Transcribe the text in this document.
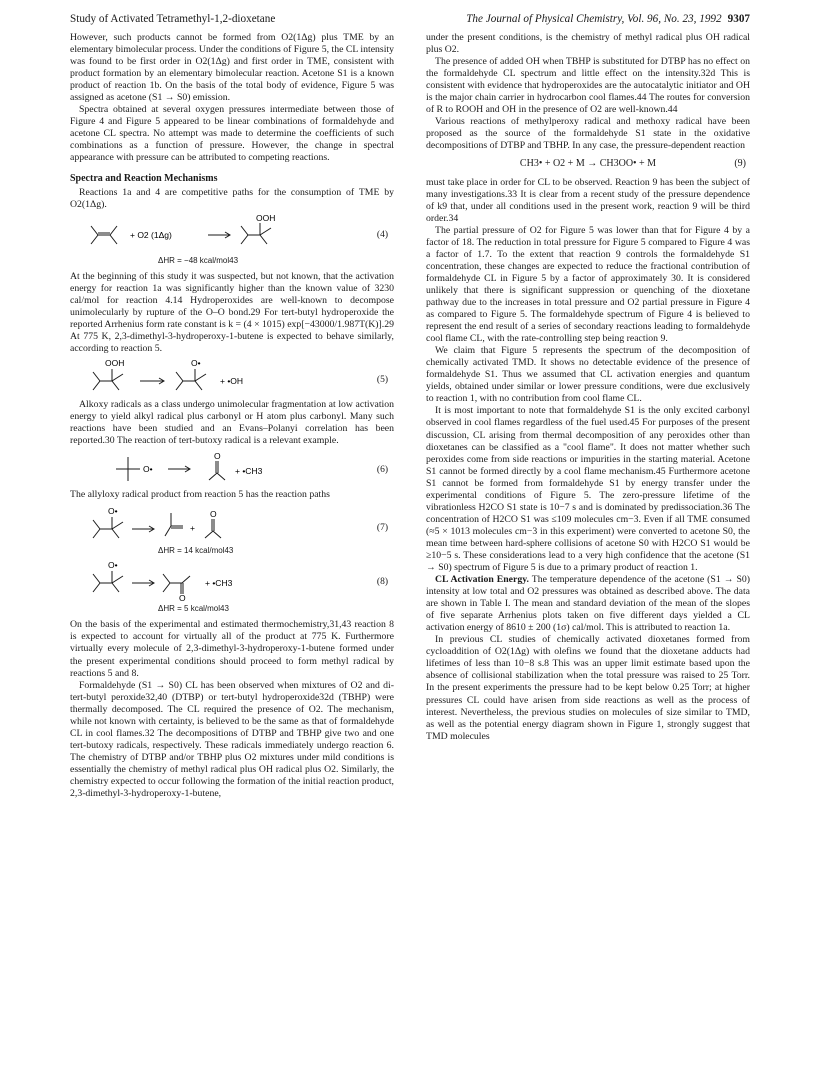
Study of Activated Tetramethyl-1,2-dioxetane	The Journal of Physical Chemistry, Vol. 96, No. 23, 1992 9307

However, such products cannot be formed from O2(1Δg) plus TME by an elementary bimolecular process. Under the conditions of Figure 5, the CL intensity was found to be first order in O2(1Δg) and first order in TME, consistent with product formation by an elementary bimolecular reaction. Acetone S1 is a known product of reaction 1b. On the basis of the total body of evidence, Figure 5 was assigned as acetone (S1 → S0) emission.

Spectra obtained at several oxygen pressures intermediate between those of Figure 4 and Figure 5 appeared to be linear combinations of formaldehyde and acetone CL spectra. No attempt was made to determine the coefficients of such combinations as a function of pressure. However, the change in spectral appearance with pressure can be attributed to competing reactions.

Spectra and Reaction Mechanisms

Reactions 1a and 4 are competitive paths for the consumption of TME by O2(1Δg).

+ O2 (1Δg)
OOH
(4)
ΔHR = −48 kcal/mol43

At the beginning of this study it was suspected, but not known, that the activation energy for reaction 1a was significantly higher than the known value of 3230 cal/mol for reaction 4.14 Hydroperoxides are well-known to decompose unimolecularly by rupture of the O–O bond.29 For tert-butyl hydroperoxide the reported Arrhenius form rate constant is k = (4 × 1015) exp[−43000/1.987T(K)].29 At 775 K, 2,3-dimethyl-3-hydroperoxy-1-butene is expected to behave similarly, according to reaction 5.

OOH	O•
+ •OH	(5)

Alkoxy radicals as a class undergo unimolecular fragmentation at low activation energy to yield alkyl radical plus carbonyl or H atom plus carbonyl. Many such reactions have been studied and an Evans–Polanyi correlation has been reported.30 The reaction of tert-butoxy radical is a relevant example.

O•
O
+ •CH3	(6)

The allyloxy radical product from reaction 5 has the reaction paths

O•
+
O
(7)
ΔHR = 14 kcal/mol43
O•
O
+ •CH3	(8)
ΔHR = 5 kcal/mol43

On the basis of the experimental and estimated thermochemistry,31,43 reaction 8 is expected to account for virtually all of the product at 775 K. Furthermore virtually every molecule of 2,3-dimethyl-3-hydroperoxy-1-butene formed under the present experimental conditions should proceed to form methyl radical by reactions 5 and 8.

Formaldehyde (S1 → S0) CL has been observed when mixtures of O2 and di-tert-butyl peroxide32,40 (DTBP) or tert-butyl hydroperoxide32d (TBHP) were thermally decomposed. The CL required the presence of O2. The mechanism, while not known with certainty, is believed to be the same as that of formaldehyde CL in cool flames.32 The decompositions of DTBP and TBHP give two and one tert-butoxy radicals, respectively. These radicals immediately undergo reaction 6. The chemistry of DTBP and/or TBHP plus O2 mixtures under mild conditions is essentially the chemistry of methyl radical plus OH radical plus O2. Similarly, the chemistry expected to occur following the formation of the initial reaction product, 2,3-dimethyl-3-hydroperoxy-1-butene,

under the present conditions, is the chemistry of methyl radical plus OH radical plus O2.

The presence of added OH when TBHP is substituted for DTBP has no effect on the formaldehyde CL spectrum and little effect on the intensity.32d This is consistent with evidence that hydroperoxides are the autocatalytic initiator and OH is the major chain carrier in hydrocarbon cool flames.44 The routes for conversion of R to ROOH and OH in the presence of O2 are well-known.44

Various reactions of methylperoxy radical and methoxy radical have been proposed as the source of the formaldehyde S1 state in the oxidative decompositions of DTBP and TBHP. In any case, the pressure-dependent reaction

CH3• + O2 + M → CH3OO• + M	(9)

must take place in order for CL to be observed. Reaction 9 has been the subject of many investigations.33 It is clear from a recent study of the pressure dependence of k9 that, under all conditions used in the present work, reaction 9 will be third order.34

The partial pressure of O2 for Figure 5 was lower than that for Figure 4 by a factor of 18. The reduction in total pressure for Figure 5 compared to Figure 4 was a factor of 1.7. To the extent that reaction 9 controls the formaldehyde S1 concentration, these changes are expected to reduce the fractional contribution of formaldehyde CL in Figure 5 by a factor of approximately 30. It is considered unlikely that there is significant suppression or quenching of the dioxetane pathway due to the increases in total pressure and O2 partial pressure in Figure 4 as compared to Figure 5. The formaldehyde spectrum of Figure 4 is believed to represent the end result of a series of secondary reactions leading to formaldehyde cool flame CL, with the rate-controlling step being reaction 9.

We claim that Figure 5 represents the spectrum of the decomposition of chemically activated TMD. It shows no detectable evidence of the presence of formaldehyde S1. Thus we assumed that CL activation energies and quantum yields, obtained under similar or lower pressure conditions, were due exclusively to reaction 1, with no contribution from cool flame CL.

It is most important to note that formaldehyde S1 is the only excited carbonyl observed in cool flames regardless of the fuel used.45 For purposes of the present discussion, CL arising from thermal decomposition of any peroxides other than dioxetanes can be classified as a "cool flame". It does not matter whether such peroxides come from side reactions or impurities in the starting material. Acetone S1 cannot be formed directly by a cool flame mechanism.45 Furthermore acetone S1 cannot be formed from formaldehyde S1 by energy transfer under the experimental conditions of Figure 5. The zero-pressure lifetime of the vibrationless H2CO S1 state is 10−7 s and is dominated by predissociation.36 The concentration of H2CO S1 was ≤109 molecules cm−3. Even if all TME consumed (≈5 × 1013 molecules cm−3 in this experiment) were converted to acetone S0, the mean time between hard-sphere collisions of acetone S0 with H2CO S1 would be ≥10−5 s. These considerations lead to a very high confidence that the acetone (S1 → S0) spectrum of Figure 5 is due to a primary product of reaction 1.

CL Activation Energy. The temperature dependence of the acetone (S1 → S0) intensity at low total and O2 pressures was obtained as described above. The data are shown in Table I. The mean and standard deviation of the mean of the slopes of five separate Arrhenius plots taken on five different days yielded a CL activation energy of 8610 ± 200 (1σ) cal/mol. This is attributed to reaction 1a.

In previous CL studies of chemically activated dioxetanes formed from cycloaddition of O2(1Δg) with olefins we found that the dioxetane adducts had lifetimes of less than 10−8 s.8 This was an upper limit estimate based upon the absence of collisional stabilization when the total pressure was raised to 25 Torr. In the present experiments the pressure had to be kept below 0.25 Torr; at higher pressures CL could have arisen from side reactions as well as the process of interest. Nevertheless, the previous studies on molecules of size similar to TMD, as well as the potential energy diagram shown in Figure 1, strongly suggest that TMD molecules
